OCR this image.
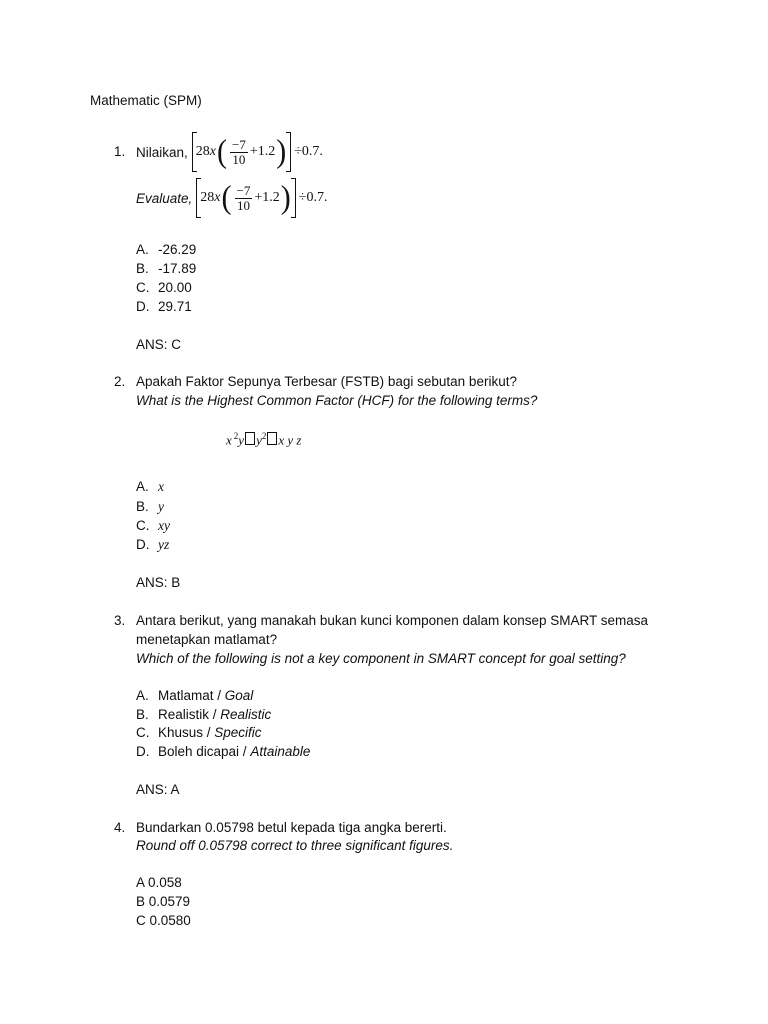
Mathematic (SPM)
1. Nilaikan, 28 x ( $\frac{-7}{10} +1.2$ ) ÷0.7.
Evaluate, 28 x ( $\frac{-7}{10} +1.2$ ) ÷0.7.
A. -26.29
B. -17.89
C. 20.00
D. 29.71
ANS: C
2. Apakah Faktor Sepunya Terbesar (FSTB) bagi sebutan berikut?
What is the Highest Common Factor (HCF) for the following terms?
x $^2$y $y^2$ x y z
A. x
B. y
C. xy
D. yz
ANS: B
3. Antara berikut, yang manakah bukan kunci komponen dalam konsep SMART semasa
menetapkan matlamat?
Which of the following is not a key component in SMART concept for goal setting?
A. Matlamat / Goal
B. Realistik / Realistic
C. Khusus / Specific
D. Boleh dicapai / Attainable
ANS: A
4. Bundarkan 0.05798 betul kepada tiga angka bererti.
Round off 0.05798 correct to three significant figures.
A 0.058
B 0.0579
C 0.0580
